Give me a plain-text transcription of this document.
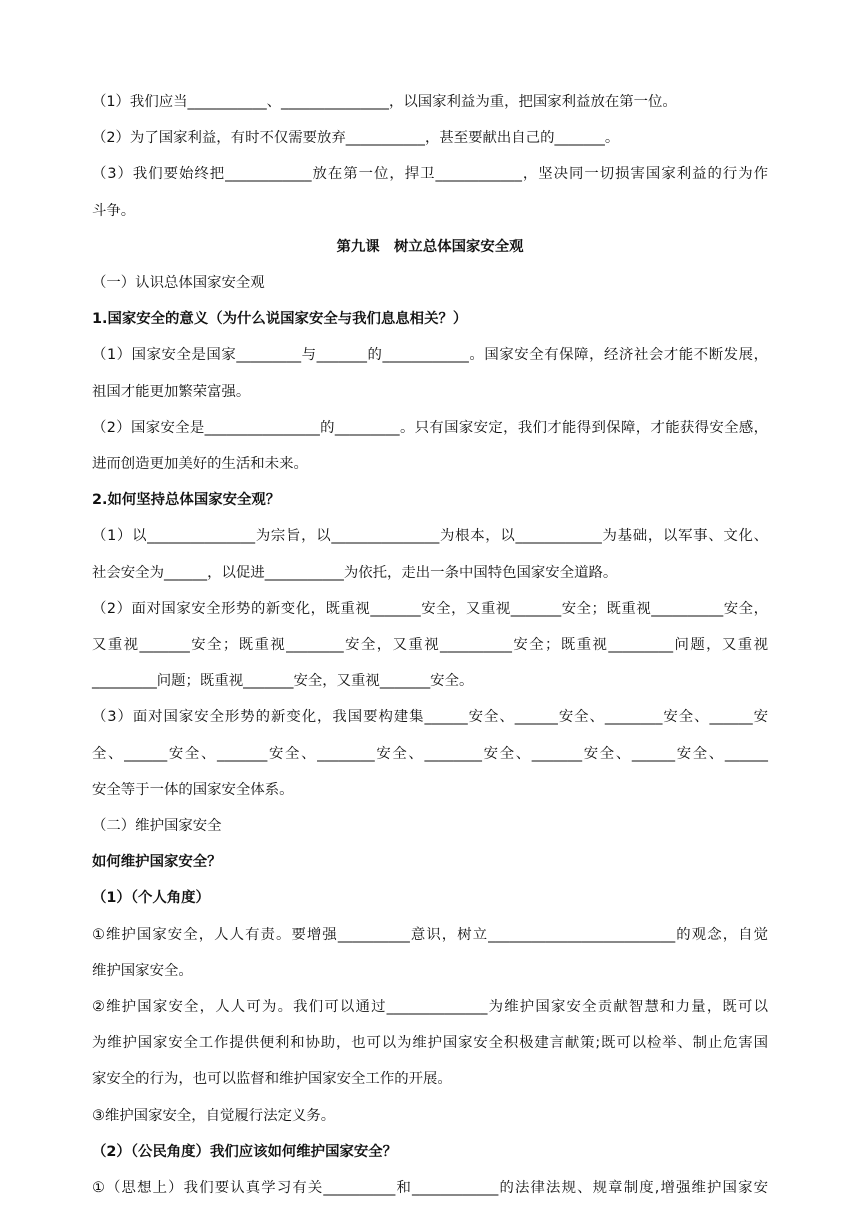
（1）我们应当___________、_______________，以国家利益为重，把国家利益放在第一位。
（2）为了国家利益，有时不仅需要放弃___________，甚至要献出自己的_______。
（3）我们要始终把____________放在第一位，捍卫____________，坚决同一切损害国家利益的行为作
斗争。
第九课　树立总体国家安全观
（一）认识总体国家安全观
1.国家安全的意义（为什么说国家安全与我们息息相关？）
（1）国家安全是国家_________与_______的____________。国家安全有保障，经济社会才能不断发展，
祖国才能更加繁荣富强。
（2）国家安全是________________的_________。只有国家安定，我们才能得到保障，才能获得安全感，
进而创造更加美好的生活和未来。
2.如何坚持总体国家安全观？
（1）以_______________为宗旨，以_______________为根本，以____________为基础，以军事、文化、
社会安全为______，以促进___________为依托，走出一条中国特色国家安全道路。
（2）面对国家安全形势的新变化，既重视_______安全，又重视_______安全；既重视__________安全，
又重视_______安全；既重视________安全，又重视__________安全；既重视_________问题，又重视
_________问题；既重视_______安全，又重视_______安全。
（3）面对国家安全形势的新变化，我国要构建集______安全、______安全、________安全、______安
全、______安全、_______安全、________安全、________安全、_______安全、______安全、______
安全等于一体的国家安全体系。
（二）维护国家安全
如何维护国家安全？
（1）（个人角度）
①维护国家安全，人人有责。要增强__________意识，树立__________________________的观念，自觉
维护国家安全。
②维护国家安全，人人可为。我们可以通过______________为维护国家安全贡献智慧和力量，既可以
为维护国家安全工作提供便利和协助，也可以为维护国家安全积极建言献策;既可以检举、制止危害国
家安全的行为，也可以监督和维护国家安全工作的开展。
③维护国家安全，自觉履行法定义务。
（2）（公民角度）我们应该如何维护国家安全？
①（思想上）我们要认真学习有关__________和____________的法律法规、规章制度,增强维护国家安
